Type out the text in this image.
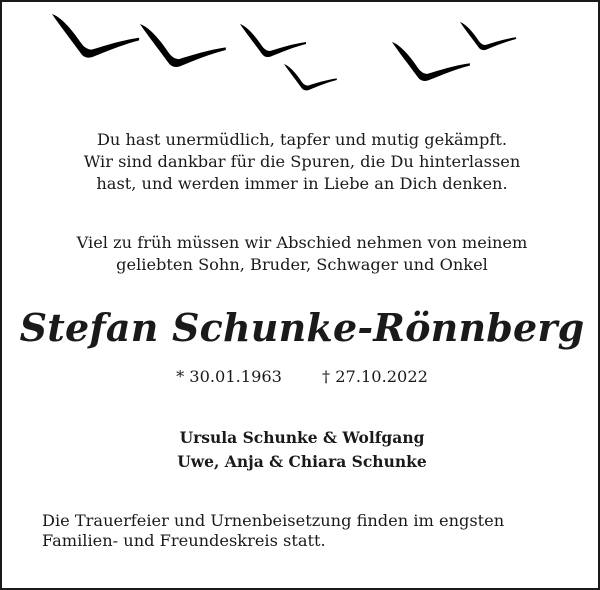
Du hast unermüdlich, tapfer und mutig gekämpft.
Wir sind dankbar für die Spuren, die Du hinterlassen
hast, und werden immer in Liebe an Dich denken.
Viel zu früh müssen wir Abschied nehmen von meinem
geliebten Sohn, Bruder, Schwager und Onkel
Stefan Schunke-Rönnberg
* 30.01.1963 † 27.10.2022
Ursula Schunke & Wolfgang
Uwe, Anja & Chiara Schunke
Die Trauerfeier und Urnenbeisetzung finden im engsten
Familien- und Freundeskreis statt.
